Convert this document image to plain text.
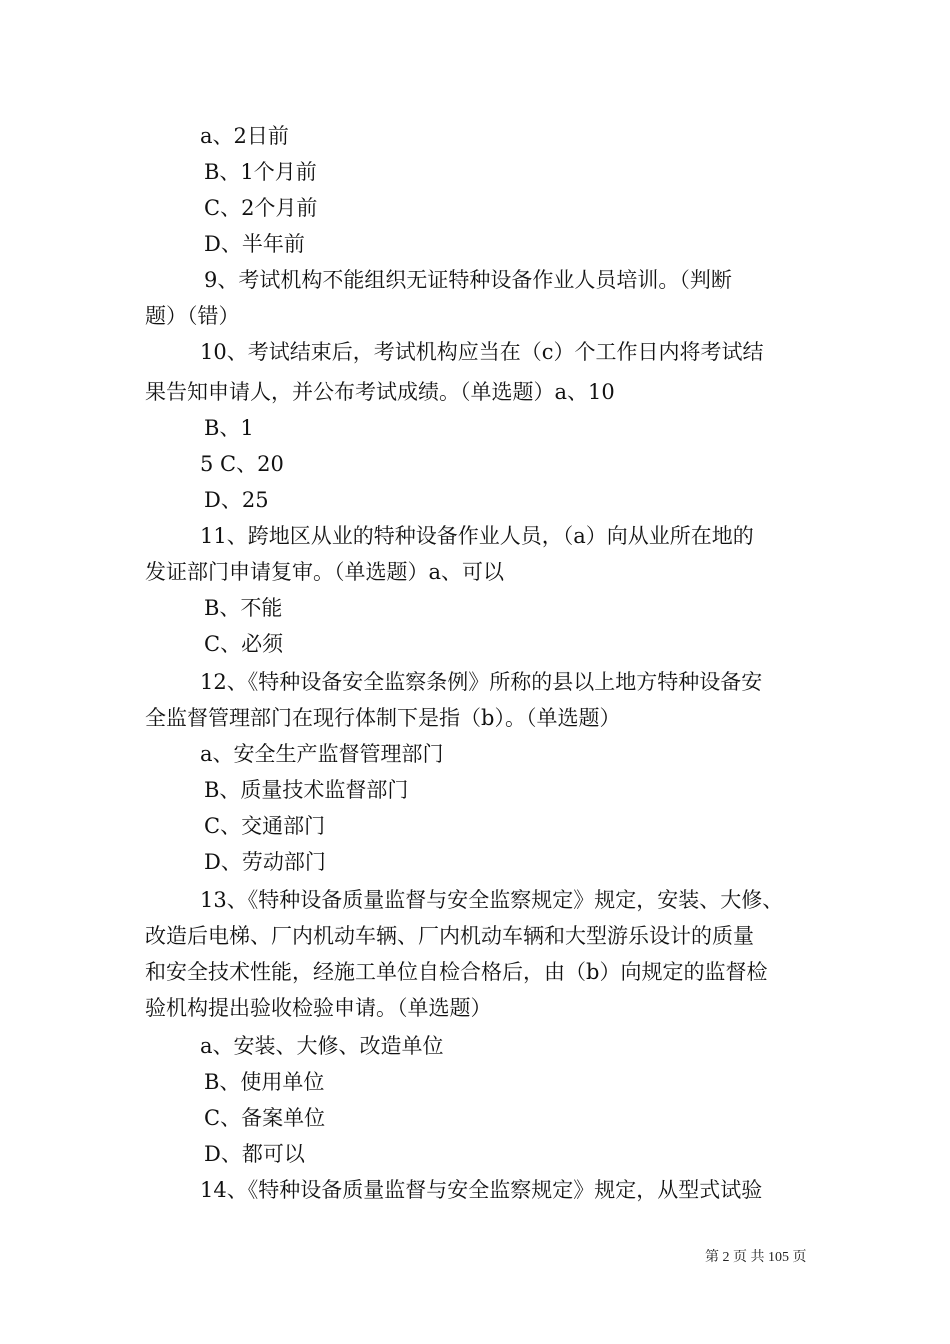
a、2日前
B、1个月前
C、2个月前
D、半年前
9、考试机构不能组织无证特种设备作业人员培训。（判断
题）（错）
10、考试结束后，考试机构应当在（c）个工作日内将考试结
果告知申请人，并公布考试成绩。（单选题）a、10
B、1
5 C、20
D、25
11、跨地区从业的特种设备作业人员，（a）向从业所在地的
发证部门申请复审。（单选题）a、可以
B、不能
C、必须
12、《特种设备安全监察条例》所称的县以上地方特种设备安
全监督管理部门在现行体制下是指（b）。（单选题）
a、安全生产监督管理部门
B、质量技术监督部门
C、交通部门
D、劳动部门
13、《特种设备质量监督与安全监察规定》规定，安装、大修、
改造后电梯、厂内机动车辆、厂内机动车辆和大型游乐设计的质量
和安全技术性能，经施工单位自检合格后，由（b）向规定的监督检
验机构提出验收检验申请。（单选题）
a、安装、大修、改造单位
B、使用单位
C、备案单位
D、都可以
14、《特种设备质量监督与安全监察规定》规定，从型式试验
第 2 页 共 105 页
